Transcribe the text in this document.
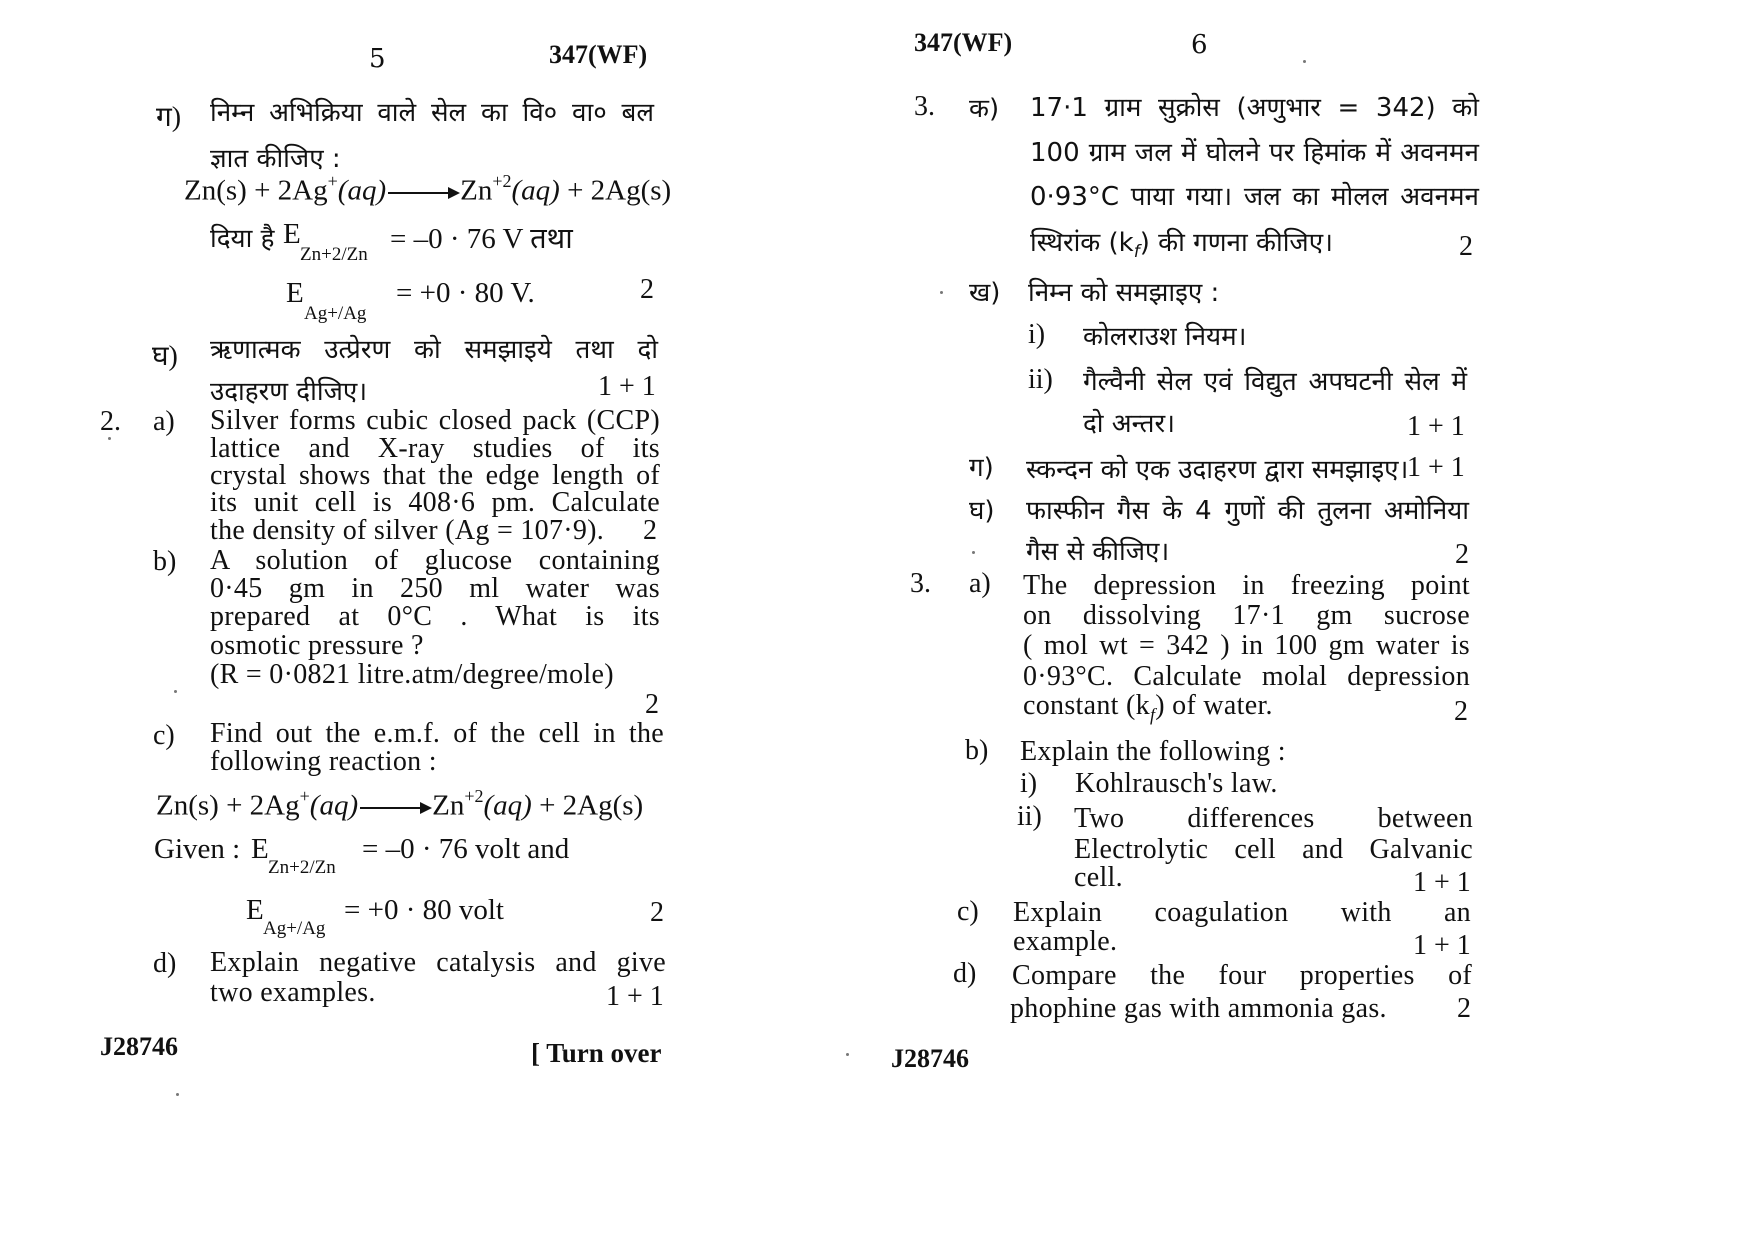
5	347(WF)
ग) निम्न अभिक्रिया वाले सेल का वि० वा० बल
ज्ञात कीजिए :
$Zn(s) + 2Ag^+(aq) \to Zn^{+2}(aq) + 2Ag(s)$
दिया है E
Zn+2/Zn = –0 · 76 V तथा
E
Ag+/Ag
= +0 · 80 V.	2
घ) ऋणात्मक उत्प्रेरण को समझाइये तथा दो
उदाहरण दीजिए।	1 + 1
2. a) Silver forms cubic closed pack (CCP)
lattice and X-ray studies of its
crystal shows that the edge length of
its unit cell is 408·6 pm. Calculate
the density of silver (Ag = 107·9). 2
b) A solution of glucose containing
0·45 gm in 250 ml water was
prepared at 0°C . What is its
osmotic pressure ?
(R = 0·0821 litre.atm/degree/mole)
2
c) Find out the e.m.f. of the cell in the
following reaction :
$Zn(s) + 2Ag^+(aq) \to Zn^{+2}(aq) + 2Ag(s)$
Given : E
Zn+2/Zn
= –0 · 76 volt and
E
Ag+/Ag
= +0 · 80 volt	2
d) Explain negative catalysis and give
two examples.	1 + 1
J28746	[ Turn over
347(WF)	6
3. क) 17·1 ग्राम सुक्रोस (अणुभार = 342) को
100 ग्राम जल में घोलने पर हिमांक में अवनमन
0·93°C पाया गया। जल का मोलल अवनमन
स्थिरांक $(k_f)$ की गणना कीजिए।	2
ख) निम्न को समझाइए :
i) कोलराउश नियम।
ii) गैल्वैनी सेल एवं विद्युत अपघटनी सेल में
दो अन्तर।	1 + 1
ग) स्कन्दन को एक उदाहरण द्वारा समझाइए।
1 + 1
घ) फास्फीन गैस के 4 गुणों की तुलना अमोनिया
गैस से कीजिए।	2
3. a) The depression in freezing point
on dissolving 17·1 gm sucrose
( mol wt = 342 ) in 100 gm water is
0·93°C. Calculate molal depression
constant $(k_f)$ of water.	2
b) Explain the following :
i) Kohlrausch's law.
ii) Two differences between
Electrolytic cell and Galvanic
cell.	1 + 1
c) Explain coagulation with an
example.	1 + 1
d) Compare the four properties of
phophine gas with ammonia gas.	2
J28746
